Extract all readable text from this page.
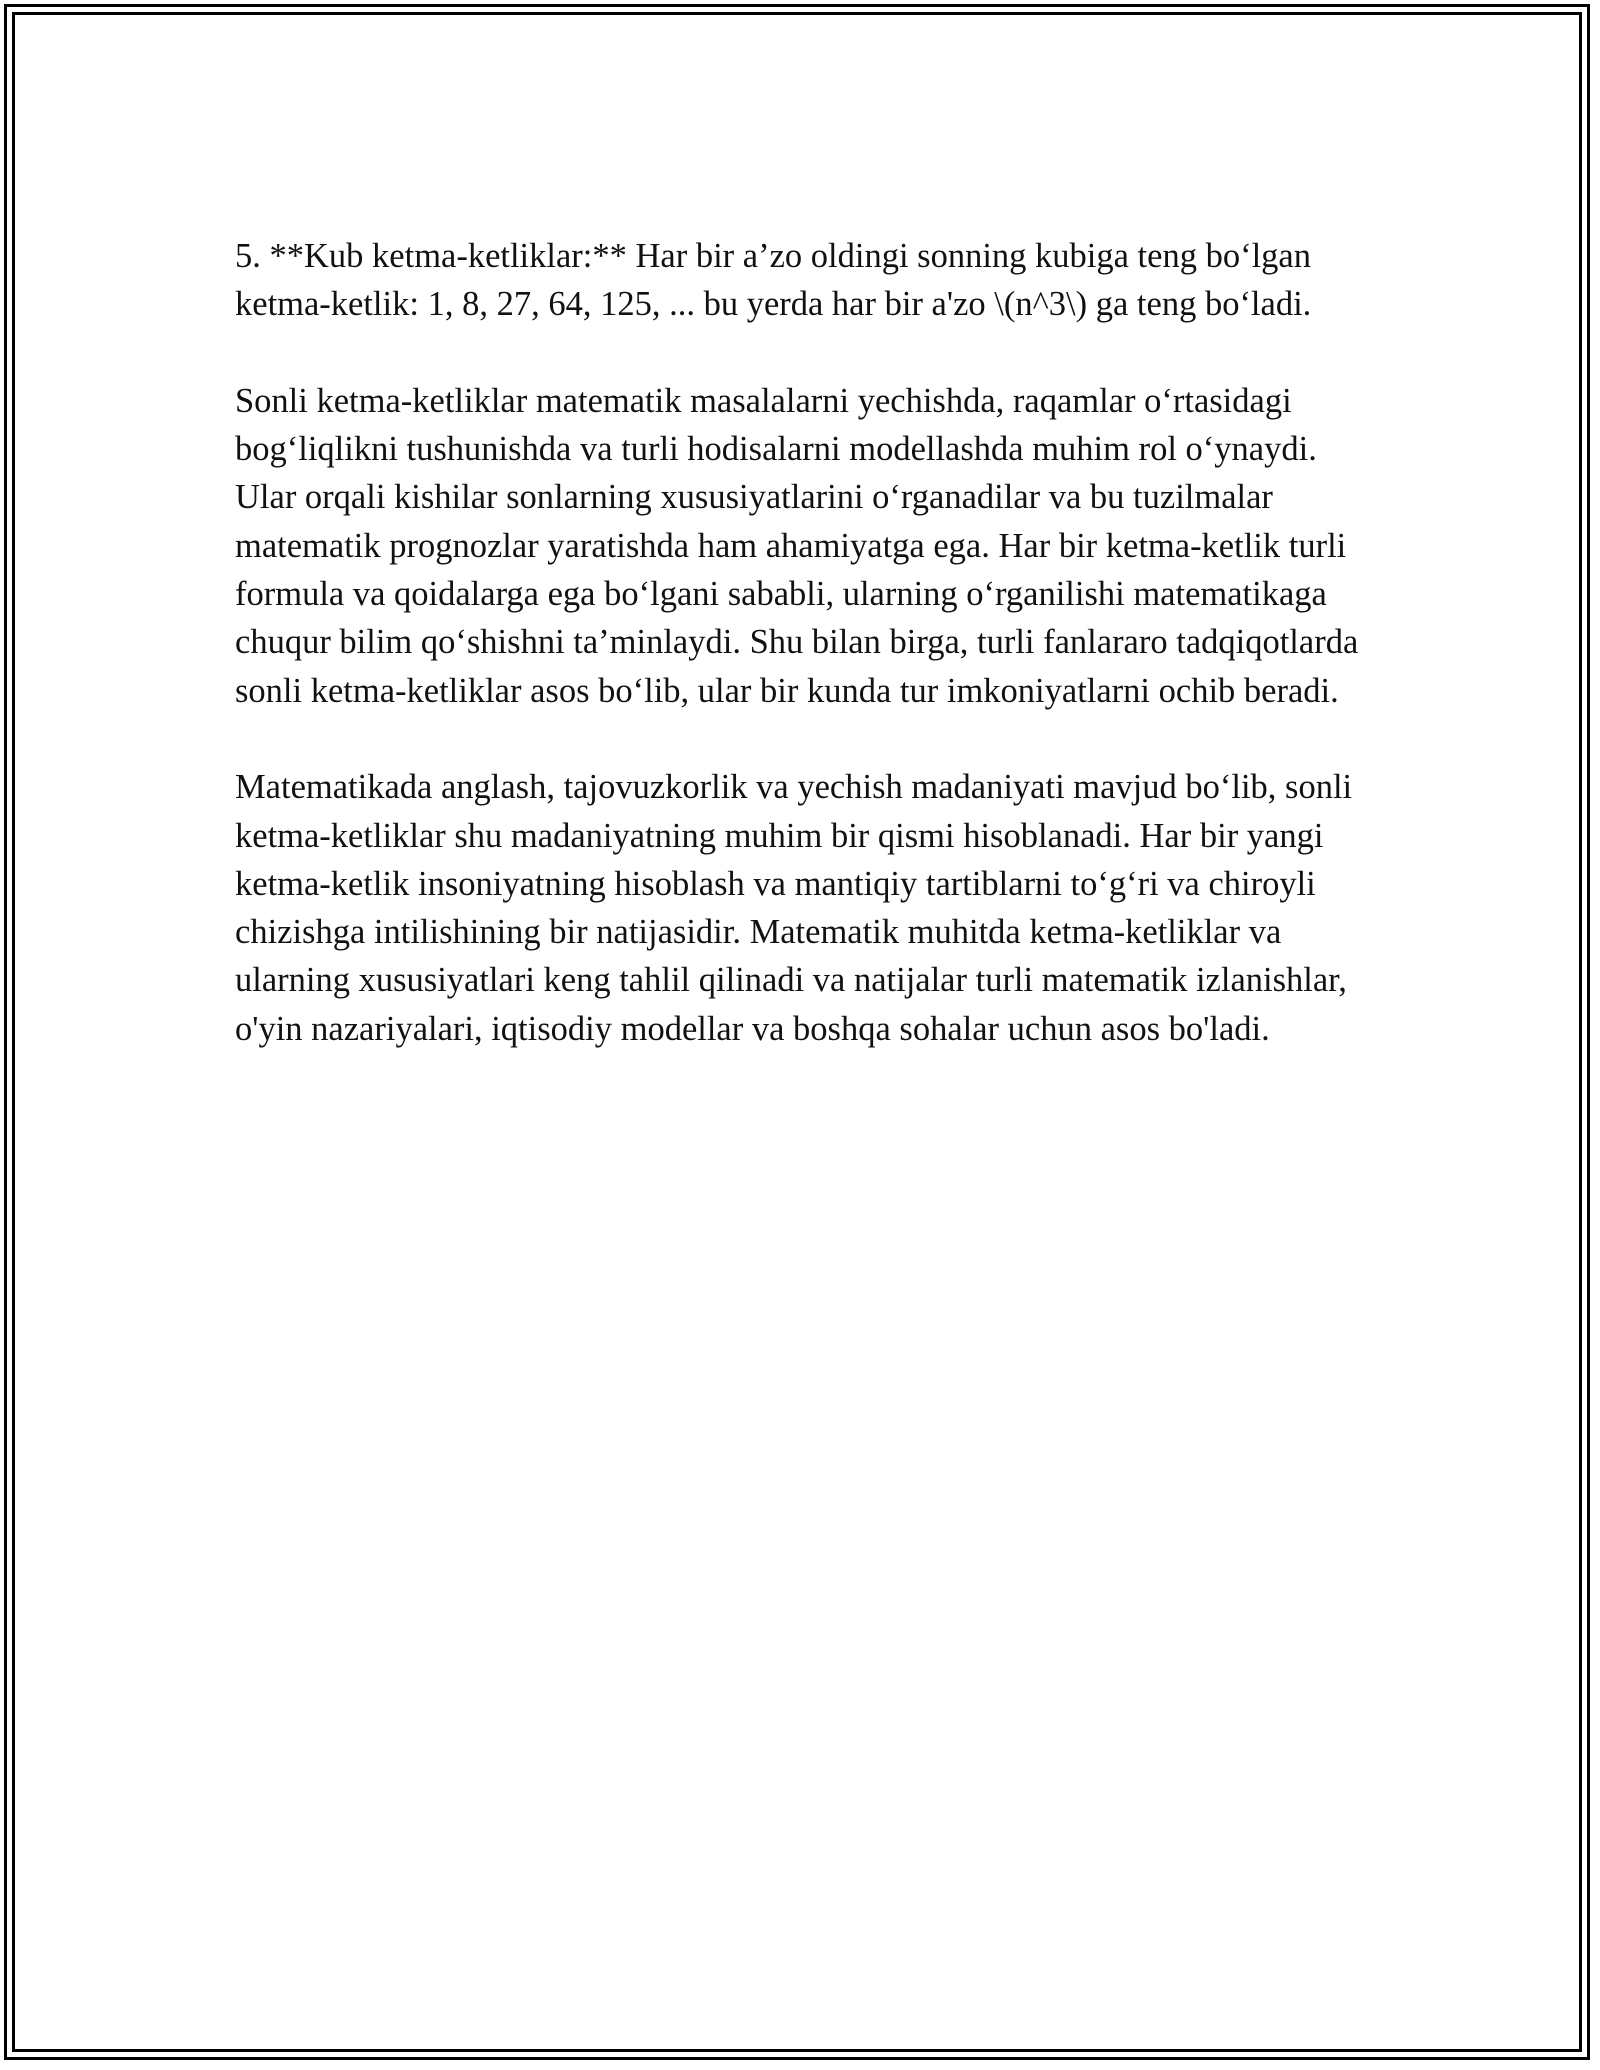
5. **Kub ketma-ketliklar:** Har bir a’zo oldingi sonning kubiga teng bo‘lgan ketma-ketlik: 1, 8, 27, 64, 125, ... bu yerda har bir a'zo \(n^3\) ga teng bo‘ladi.

Sonli ketma-ketliklar matematik masalalarni yechishda, raqamlar o‘rtasidagi bog‘liqlikni tushunishda va turli hodisalarni modellashda muhim rol o‘ynaydi. Ular orqali kishilar sonlarning xususiyatlarini o‘rganadilar va bu tuzilmalar matematik prognozlar yaratishda ham ahamiyatga ega. Har bir ketma-ketlik turli formula va qoidalarga ega bo‘lgani sababli, ularning o‘rganilishi matematikaga chuqur bilim qo‘shishni ta’minlaydi. Shu bilan birga, turli fanlararo tadqiqotlarda sonli ketma-ketliklar asos bo‘lib, ular bir kunda tur imkoniyatlarni ochib beradi.

Matematikada anglash, tajovuzkorlik va yechish madaniyati mavjud bo‘lib, sonli ketma-ketliklar shu madaniyatning muhim bir qismi hisoblanadi. Har bir yangi ketma-ketlik insoniyatning hisoblash va mantiqiy tartiblarni to‘g‘ri va chiroyli chizishga intilishining bir natijasidir. Matematik muhitda ketma-ketliklar va ularning xususiyatlari keng tahlil qilinadi va natijalar turli matematik izlanishlar, o'yin nazariyalari, iqtisodiy modellar va boshqa sohalar uchun asos bo'ladi.
